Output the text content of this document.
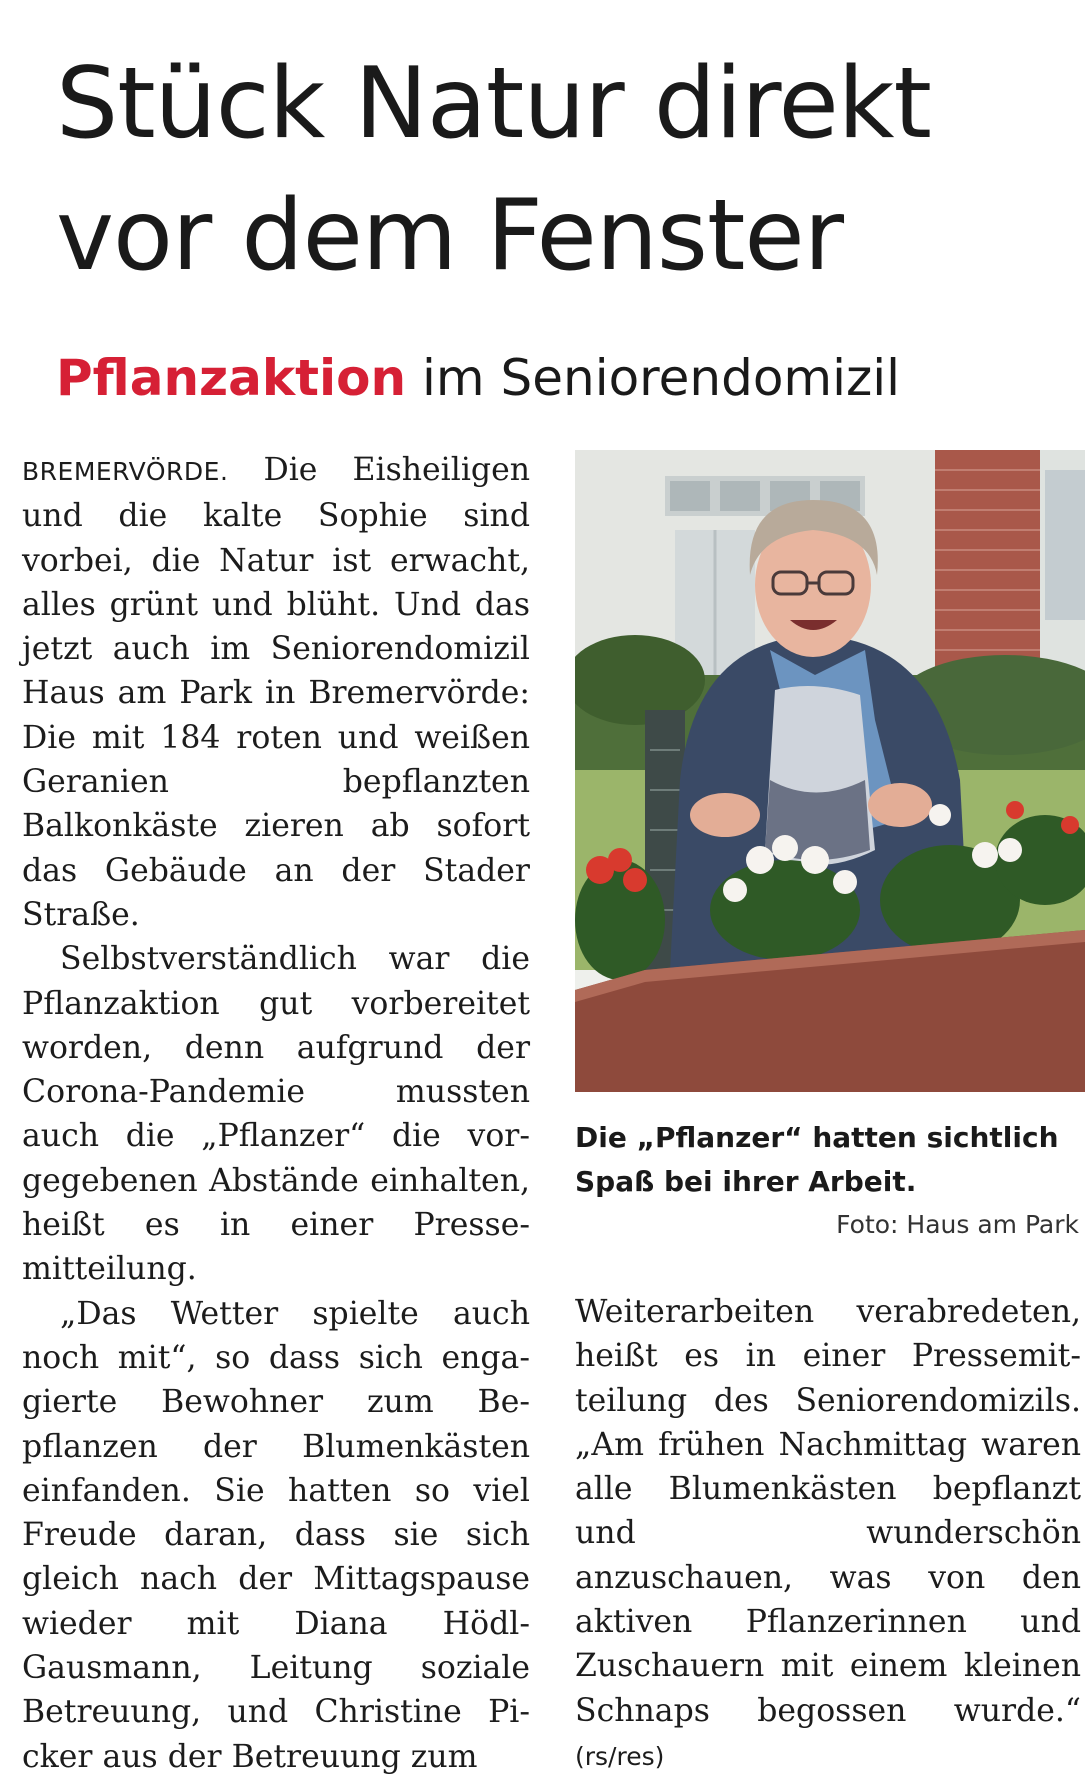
Stück Natur direkt
vor dem Fenster
Pflanzaktion im Seniorendomizil

BREMERVÖRDE. Die Eisheiligen und die kalte Sophie sind vorbei, die Natur ist erwacht, alles grünt und blüht. Und das jetzt auch im Seniorendomizil Haus am Park in Bremervörde: Die mit 184 roten und weißen Geranien bepflanzten Balkonkäste zieren ab sofort das Gebäude an der Stader Straße.

Selbstverständlich war die Pflanzaktion gut vorbereitet worden, denn aufgrund der Corona-Pandemie mussten auch die „Pflanzer“ die vorgegebenen Abstände einhalten, heißt es in einer Pressemitteilung.

„Das Wetter spielte auch noch mit“, so dass sich engagierte Bewohner zum Bepflanzen der Blumenkästen einfanden. Sie hatten so viel Freude daran, dass sie sich gleich nach der Mittagspause wieder mit Diana Hödl-Gausmann, Leitung soziale Betreuung, und Christine Picker aus der Betreuung zum

Die „Pflanzer“ hatten sichtlich Spaß bei ihrer Arbeit.

Foto: Haus am Park

Weiterarbeiten verabredeten, heißt es in einer Pressemitteilung des Seniorendomizils. „Am frühen Nachmittag waren alle Blumenkästen bepflanzt und wunderschön anzuschauen, was von den aktiven Pflanzerinnen und Zuschauern mit einem kleinen Schnaps begossen wurde.“ (rs/res)
